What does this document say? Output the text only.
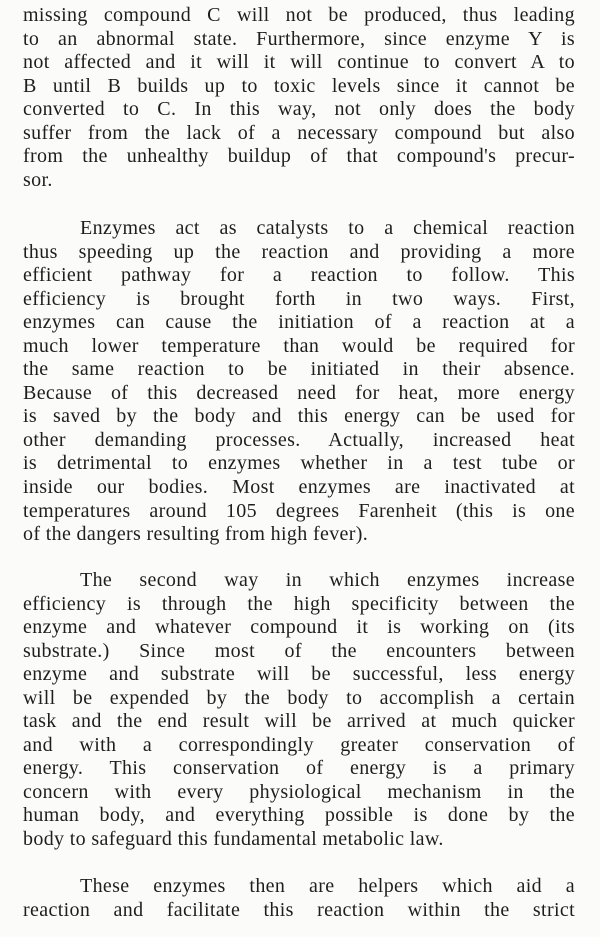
missing compound C will not be produced, thus leading
to an abnormal state. Furthermore, since enzyme Y is
not affected and it will it will continue to convert A to
B until B builds up to toxic levels since it cannot be
converted to C. In this way, not only does the body
suffer from the lack of a necessary compound but also
from the unhealthy buildup of that compound's precur-
sor.
Enzymes act as catalysts to a chemical reaction
thus speeding up the reaction and providing a more
efficient pathway for a reaction to follow. This
efficiency is brought forth in two ways. First,
enzymes can cause the initiation of a reaction at a
much lower temperature than would be required for
the same reaction to be initiated in their absence.
Because of this decreased need for heat, more energy
is saved by the body and this energy can be used for
other demanding processes. Actually, increased heat
is detrimental to enzymes whether in a test tube or
inside our bodies. Most enzymes are inactivated at
temperatures around 105 degrees Farenheit (this is one
of the dangers resulting from high fever).
The second way in which enzymes increase
efficiency is through the high specificity between the
enzyme and whatever compound it is working on (its
substrate.) Since most of the encounters between
enzyme and substrate will be successful, less energy
will be expended by the body to accomplish a certain
task and the end result will be arrived at much quicker
and with a correspondingly greater conservation of
energy. This conservation of energy is a primary
concern with every physiological mechanism in the
human body, and everything possible is done by the
body to safeguard this fundamental metabolic law.
These enzymes then are helpers which aid a
reaction and facilitate this reaction within the strict
